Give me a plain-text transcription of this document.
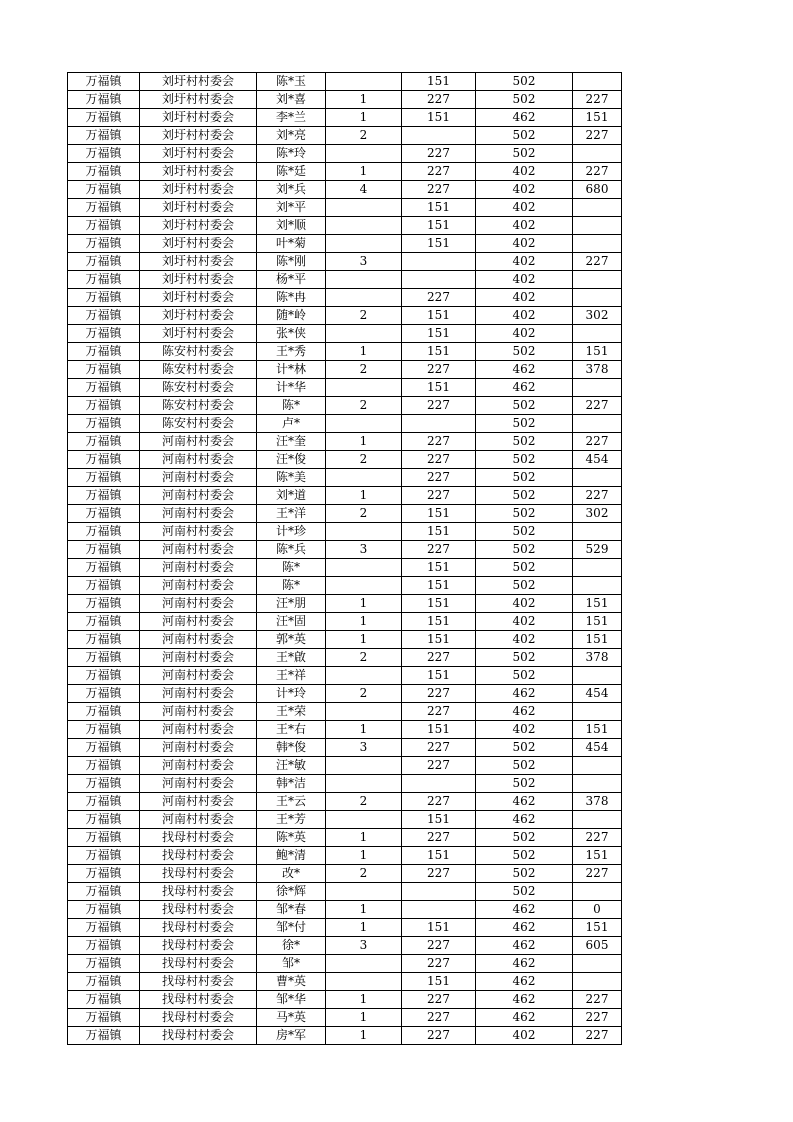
万福镇	刘圩村村委会	陈*玉		151	502	
万福镇	刘圩村村委会	刘*喜	1	227	502	227
万福镇	刘圩村村委会	李*兰	1	151	462	151
万福镇	刘圩村村委会	刘*亮	2		502	227
万福镇	刘圩村村委会	陈*玲		227	502	
万福镇	刘圩村村委会	陈*廷	1	227	402	227
万福镇	刘圩村村委会	刘*兵	4	227	402	680
万福镇	刘圩村村委会	刘*平		151	402	
万福镇	刘圩村村委会	刘*顺		151	402	
万福镇	刘圩村村委会	叶*菊		151	402	
万福镇	刘圩村村委会	陈*刚	3		402	227
万福镇	刘圩村村委会	杨*平			402	
万福镇	刘圩村村委会	陈*冉		227	402	
万福镇	刘圩村村委会	随*岭	2	151	402	302
万福镇	刘圩村村委会	张*侠		151	402	
万福镇	陈安村村委会	王*秀	1	151	502	151
万福镇	陈安村村委会	计*林	2	227	462	378
万福镇	陈安村村委会	计*华		151	462	
万福镇	陈安村村委会	陈*	2	227	502	227
万福镇	陈安村村委会	卢*			502	
万福镇	河南村村委会	汪*奎	1	227	502	227
万福镇	河南村村委会	汪*俊	2	227	502	454
万福镇	河南村村委会	陈*美		227	502	
万福镇	河南村村委会	刘*道	1	227	502	227
万福镇	河南村村委会	王*洋	2	151	502	302
万福镇	河南村村委会	计*珍		151	502	
万福镇	河南村村委会	陈*兵	3	227	502	529
万福镇	河南村村委会	陈*		151	502	
万福镇	河南村村委会	陈*		151	502	
万福镇	河南村村委会	汪*朋	1	151	402	151
万福镇	河南村村委会	汪*固	1	151	402	151
万福镇	河南村村委会	郭*英	1	151	402	151
万福镇	河南村村委会	王*啟	2	227	502	378
万福镇	河南村村委会	王*祥		151	502	
万福镇	河南村村委会	计*玲	2	227	462	454
万福镇	河南村村委会	王*荣		227	462	
万福镇	河南村村委会	王*右	1	151	402	151
万福镇	河南村村委会	韩*俊	3	227	502	454
万福镇	河南村村委会	汪*敏		227	502	
万福镇	河南村村委会	韩*洁			502	
万福镇	河南村村委会	王*云	2	227	462	378
万福镇	河南村村委会	王*芳		151	462	
万福镇	找母村村委会	陈*英	1	227	502	227
万福镇	找母村村委会	鲍*清	1	151	502	151
万福镇	找母村村委会	改*	2	227	502	227
万福镇	找母村村委会	徐*辉			502	
万福镇	找母村村委会	邹*春	1		462	0
万福镇	找母村村委会	邹*付	1	151	462	151
万福镇	找母村村委会	徐*	3	227	462	605
万福镇	找母村村委会	邹*		227	462	
万福镇	找母村村委会	曹*英		151	462	
万福镇	找母村村委会	邹*华	1	227	462	227
万福镇	找母村村委会	马*英	1	227	462	227
万福镇	找母村村委会	房*军	1	227	402	227
